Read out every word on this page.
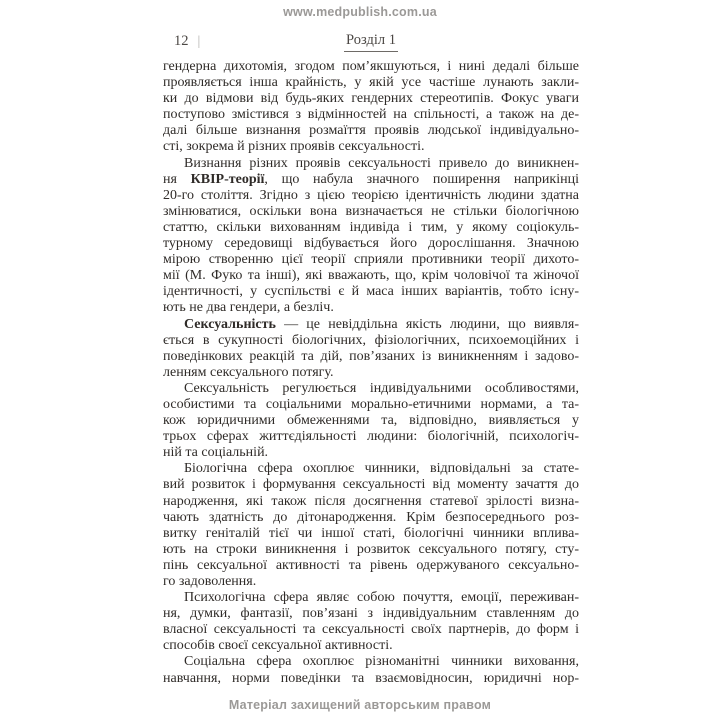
www.medpublish.com.ua
12 |	Розділ 1
гендерна дихотомія, згодом пом’якшуються, і нині дедалі більше
проявляється інша крайність, у якій усе частіше лунають закли-
ки до відмови від будь-яких гендерних стереотипів. Фокус уваги
поступово змістився з відмінностей на спільності, а також на де-
далі більше визнання розмаїття проявів людської індивідуально-
сті, зокрема й різних проявів сексуальності.
Визнання різних проявів сексуальності привело до виникнен-
ня КВІР-теорії, що набула значного поширення наприкінці
20-го століття. Згідно з цією теорією ідентичність людини здатна
змінюватися, оскільки вона визначається не стільки біологічною
статтю, скільки вихованням індивіда і тим, у якому соціокуль-
турному середовищі відбувається його дорослішання. Значною
мірою створенню цієї теорії сприяли противники теорії дихото-
мії (М. Фуко та інші), які вважають, що, крім чоловічої та жіночої
ідентичності, у суспільстві є й маса інших варіантів, тобто існу-
ють не два гендери, а безліч.
Сексуальність — це невіддільна якість людини, що виявля-
ється в сукупності біологічних, фізіологічних, психоемоційних і
поведінкових реакцій та дій, пов’язаних із виникненням і задово-
ленням сексуального потягу.
Сексуальність регулюється індивідуальними особливостями,
особистими та соціальними морально-етичними нормами, а та-
кож юридичними обмеженнями та, відповідно, виявляється у
трьох сферах життєдіяльності людини: біологічній, психологіч-
ній та соціальній.
Біологічна сфера охоплює чинники, відповідальні за стате-
вий розвиток і формування сексуальності від моменту зачаття до
народження, які також після досягнення статевої зрілості визна-
чають здатність до дітонародження. Крім безпосереднього роз-
витку геніталій тієї чи іншої статі, біологічні чинники вплива-
ють на строки виникнення і розвиток сексуального потягу, сту-
пінь сексуальної активності та рівень одержуваного сексуально-
го задоволення.
Психологічна сфера являє собою почуття, емоції, переживан-
ня, думки, фантазії, пов’язані з індивідуальним ставленням до
власної сексуальності та сексуальності своїх партнерів, до форм і
способів своєї сексуальної активності.
Соціальна сфера охоплює різноманітні чинники виховання,
навчання, норми поведінки та взаємовідносин, юридичні нор-
Матеріал захищений авторським правом
